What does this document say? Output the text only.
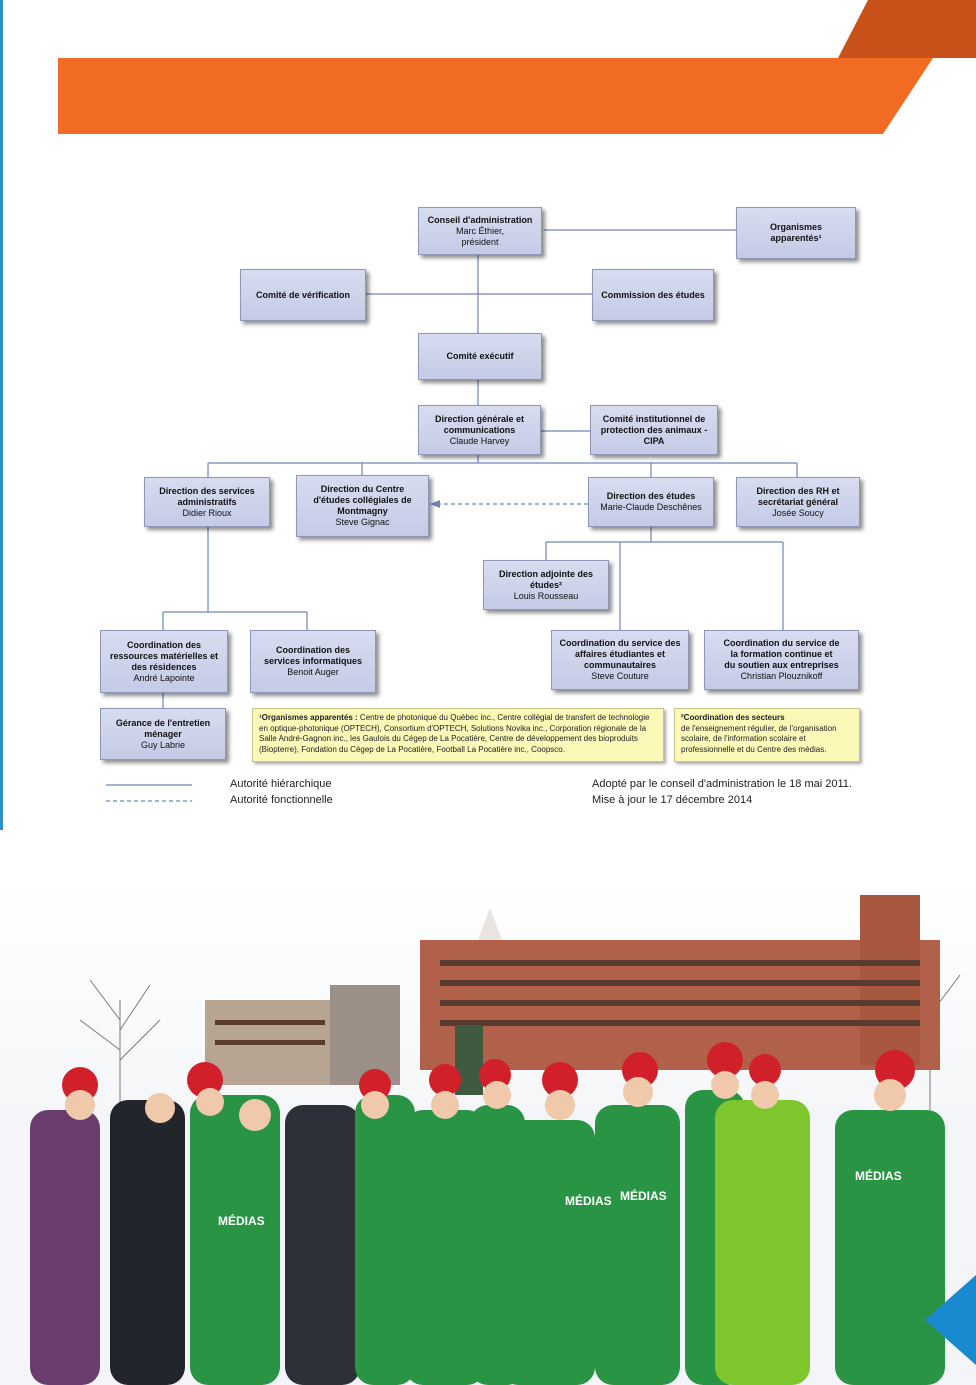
Conseil d'administration
Marc Éthier,
président
Organismes
apparentés¹
Comité de vérification	Commission des études
Comité exécutif
Direction générale et
communications
Claude Harvey
Comité institutionnel de
protection des animaux -
CIPA
Direction des services
administratifs
Didier Rioux
Direction du Centre
d'études collégiales de
Montmagny
Steve Gignac
Direction des études
Marie-Claude Deschênes
Direction des RH et
secrétariat général
Josée Soucy
Direction adjointe des
études²
Louis Rousseau
Coordination des
ressources matérielles et
des résidences
André Lapointe
Coordination des
services informatiques
Benoit Auger
Coordination du service des
affaires étudiantes et
communautaires
Steve Couture
Coordination du service de
la formation continue et
du soutien aux entreprises
Christian Plouznikoff
Gérance de l'entretien
ménager
Guy Labrie
¹Organismes apparentés : Centre de photonique du Québec inc., Centre collégial de transfert de technologie en optique-photonique (OPTECH), Consortium d'OPTECH, Solutions Novika inc., Corporation régionale de la Salle André-Gagnon inc., les Gaulois du Cégep de La Pocatière, Centre de développement des bioproduits (Biopterre), Fondation du Cégep de La Pocatière, Football La Pocatière inc., Coopsco.
²Coordination des secteurs
de l'enseignement régulier, de l'organisation scolaire, de l'information scolaire et professionnelle et du Centre des médias.
Autorité hiérarchique
Autorité fonctionnelle
Adopté par le conseil d'administration le 18 mai 2011.
Mise à jour le 17 décembre 2014
MÉDIAS
MÉDIAS MÉDIAS
MÉDIAS
